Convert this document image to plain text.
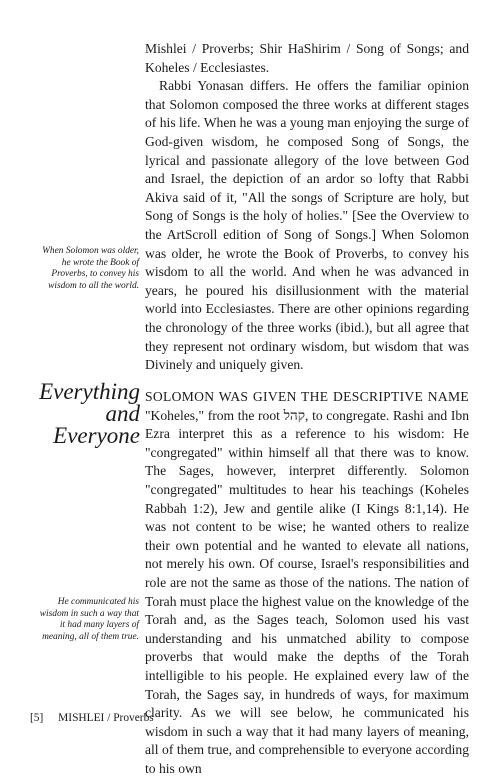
Mishlei / Proverbs; Shir HaShirim / Song of Songs; and Koheles / Ecclesiastes.

Rabbi Yonasan differs. He offers the familiar opinion that Solomon composed the three works at different stages of his life. When he was a young man enjoying the surge of God-given wisdom, he composed Song of Songs, the lyrical and passionate allegory of the love between God and Israel, the depiction of an ardor so lofty that Rabbi Akiva said of it, "All the songs of Scripture are holy, but Song of Songs is the holy of holies." [See the Overview to the ArtScroll edition of Song of Songs.] When Solomon was older, he wrote the Book of Proverbs, to convey his wisdom to all the world. And when he was advanced in years, he poured his disillusionment with the material world into Ecclesiastes. There are other opinions regarding the chronology of the three works (ibid.), but all agree that they represent not ordinary wisdom, but wisdom that was Divinely and uniquely given.

When Solomon was older, he wrote the Book of Proverbs, to convey his wisdom to all the world.
Everything
and
Everyone

SOLOMON WAS GIVEN THE DESCRIPTIVE NAME "Koheles," from the root קהל, to congregate. Rashi and Ibn Ezra interpret this as a reference to his wisdom: He "congregated" within himself all that there was to know. The Sages, however, interpret differently. Solomon "congregated" multitudes to hear his teachings (Koheles Rabbah 1:2), Jew and gentile alike (I Kings 8:1,14). He was not content to be wise; he wanted others to realize their own potential and he wanted to elevate all nations, not merely his own. Of course, Israel's responsibilities and role are not the same as those of the nations. The nation of Torah must place the highest value on the knowledge of the Torah and, as the Sages teach, Solomon used his vast understanding and his unmatched ability to compose proverbs that would make the depths of the Torah intelligible to his people. He explained every law of the Torah, the Sages say, in hundreds of ways, for maximum clarity. As we will see below, he communicated his wisdom in such a way that it had many layers of meaning, all of them true, and comprehensible to everyone according to his own

He communicated his wisdom in such a way that it had many layers of meaning, all of them true.
[5] MISHLEI / Proverbs
